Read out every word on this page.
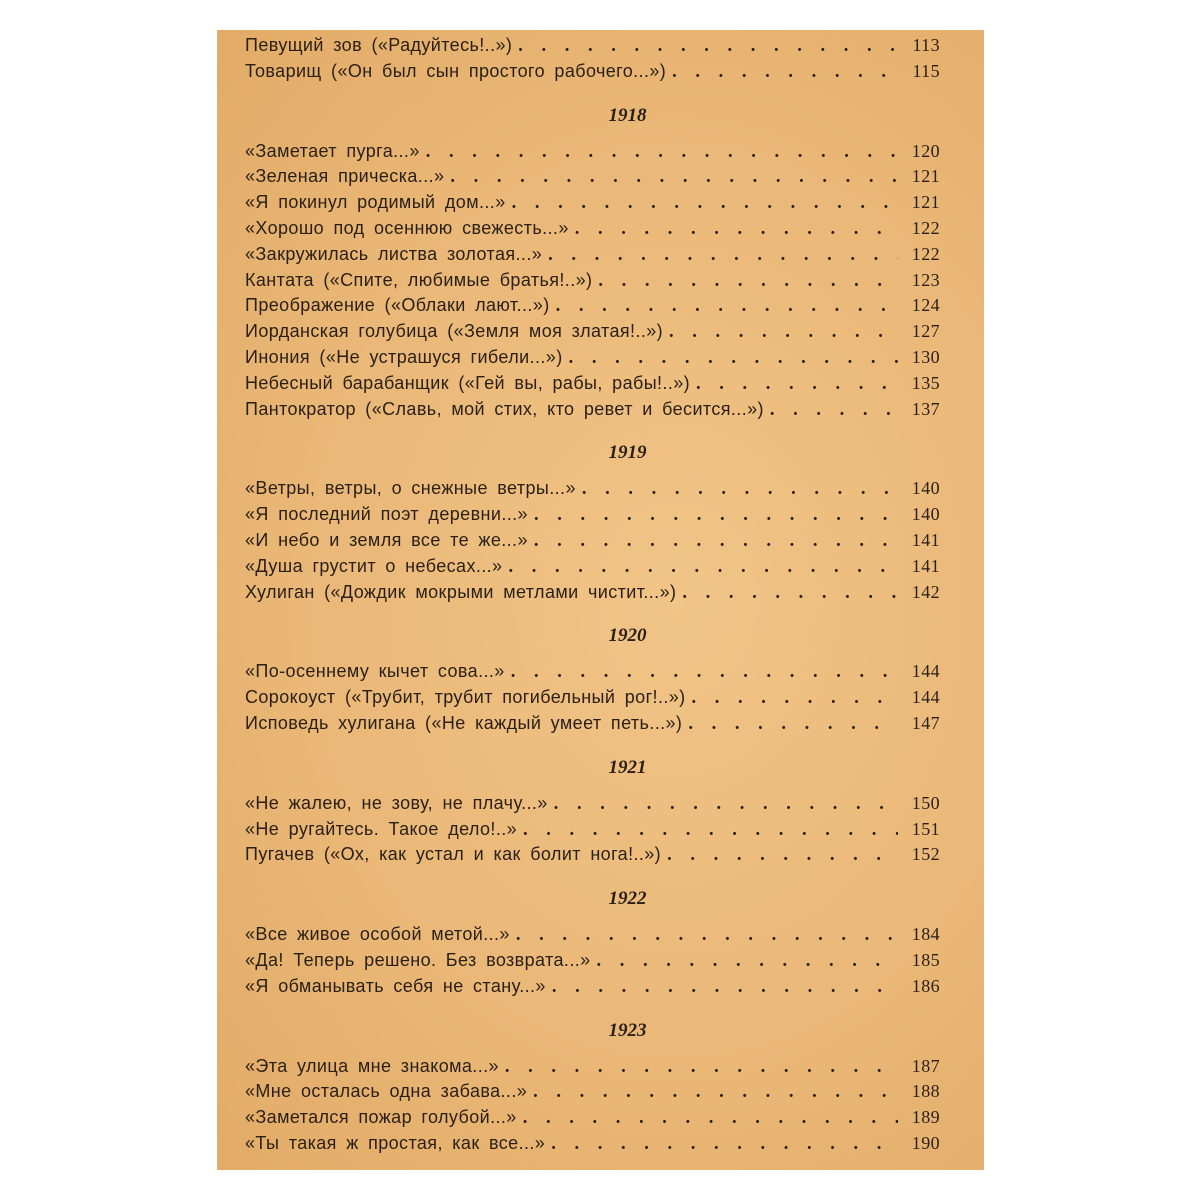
Певущий зов («Радуйтесь!..») . . .	113
Товарищ («Он был сын простого рабочего...») . . .	115
1918
«Заметает пурга...» . . .	120
«Зеленая прическа...» . . .	121
«Я покинул родимый дом...» . . .	121
«Хорошо под осеннюю свежесть...» . . .	122
«Закружилась листва золотая...» . . .	122
Кантата («Спите, любимые братья!..») . . .	123
Преображение («Облаки лают...») . . .	124
Иорданская голубица («Земля моя златая!..») . . .	127
Инония («Не устрашуся гибели...») . . .	130
Небесный барабанщик («Гей вы, рабы, рабы!..») . . .	135
Пантократор («Славь, мой стих, кто ревет и бесится...») . . .	137
1919
«Ветры, ветры, о снежные ветры...» . . .	140
«Я последний поэт деревни...» . . .	140
«И небо и земля все те же...» . . .	141
«Душа грустит о небесах...» . . .	141
Хулиган («Дождик мокрыми метлами чистит...») . . .	142
1920
«По-осеннему кычет сова...» . . .	144
Сорокоуст («Трубит, трубит погибельный рог!..») . . .	144
Исповедь хулигана («Не каждый умеет петь...») . . .	147
1921
«Не жалею, не зову, не плачу...» . . .	150
«Не ругайтесь. Такое дело!..» . . .	151
Пугачев («Ох, как устал и как болит нога!..») . . .	152
1922
«Все живое особой метой...» . . .	184
«Да! Теперь решено. Без возврата...» . . .	185
«Я обманывать себя не стану...» . . .	186
1923
«Эта улица мне знакома...» . . .	187
«Мне осталась одна забава...» . . .	188
«Заметался пожар голубой...» . . .	189
«Ты такая ж простая, как все...» . . .	190
